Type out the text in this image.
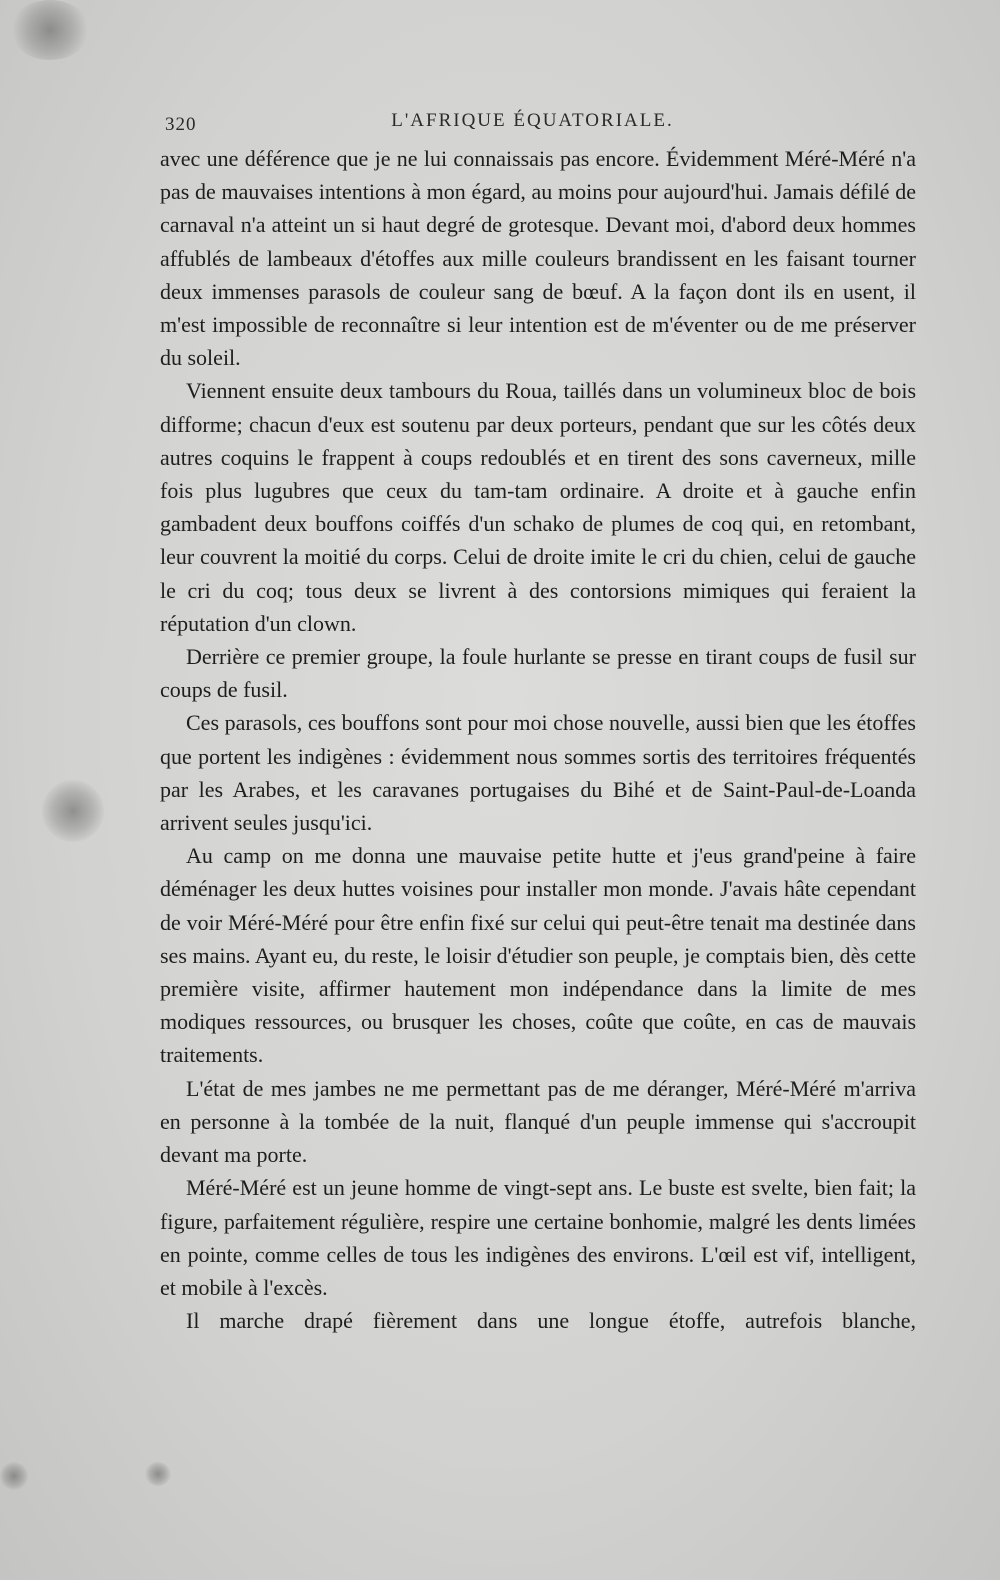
320	L'AFRIQUE ÉQUATORIALE.

avec une déférence que je ne lui connaissais pas encore. Évidemment Méré-Méré n'a pas de mauvaises intentions à mon égard, au moins pour aujourd'hui. Jamais défilé de carnaval n'a atteint un si haut degré de grotesque. Devant moi, d'abord deux hommes affublés de lambeaux d'étoffes aux mille couleurs brandissent en les faisant tourner deux immenses parasols de couleur sang de bœuf. A la façon dont ils en usent, il m'est impossible de reconnaître si leur intention est de m'éventer ou de me préserver du soleil.

Viennent ensuite deux tambours du Roua, taillés dans un volumineux bloc de bois difforme; chacun d'eux est soutenu par deux porteurs, pendant que sur les côtés deux autres coquins le frappent à coups redoublés et en tirent des sons caverneux, mille fois plus lugubres que ceux du tam-tam ordinaire. A droite et à gauche enfin gambadent deux bouffons coiffés d'un schako de plumes de coq qui, en retombant, leur couvrent la moitié du corps. Celui de droite imite le cri du chien, celui de gauche le cri du coq; tous deux se livrent à des contorsions mimiques qui feraient la réputation d'un clown.

Derrière ce premier groupe, la foule hurlante se presse en tirant coups de fusil sur coups de fusil.

Ces parasols, ces bouffons sont pour moi chose nouvelle, aussi bien que les étoffes que portent les indigènes : évidemment nous sommes sortis des territoires fréquentés par les Arabes, et les caravanes portugaises du Bihé et de Saint-Paul-de-Loanda arrivent seules jusqu'ici.

Au camp on me donna une mauvaise petite hutte et j'eus grand'peine à faire déménager les deux huttes voisines pour installer mon monde. J'avais hâte cependant de voir Méré-Méré pour être enfin fixé sur celui qui peut-être tenait ma destinée dans ses mains. Ayant eu, du reste, le loisir d'étudier son peuple, je comptais bien, dès cette première visite, affirmer hautement mon indépendance dans la limite de mes modiques ressources, ou brusquer les choses, coûte que coûte, en cas de mauvais traitements.

L'état de mes jambes ne me permettant pas de me déranger, Méré-Méré m'arriva en personne à la tombée de la nuit, flanqué d'un peuple immense qui s'accroupit devant ma porte.

Méré-Méré est un jeune homme de vingt-sept ans. Le buste est svelte, bien fait; la figure, parfaitement régulière, respire une certaine bonhomie, malgré les dents limées en pointe, comme celles de tous les indigènes des environs. L'œil est vif, intelligent, et mobile à l'excès.

Il marche drapé fièrement dans une longue étoffe, autrefois blanche,
